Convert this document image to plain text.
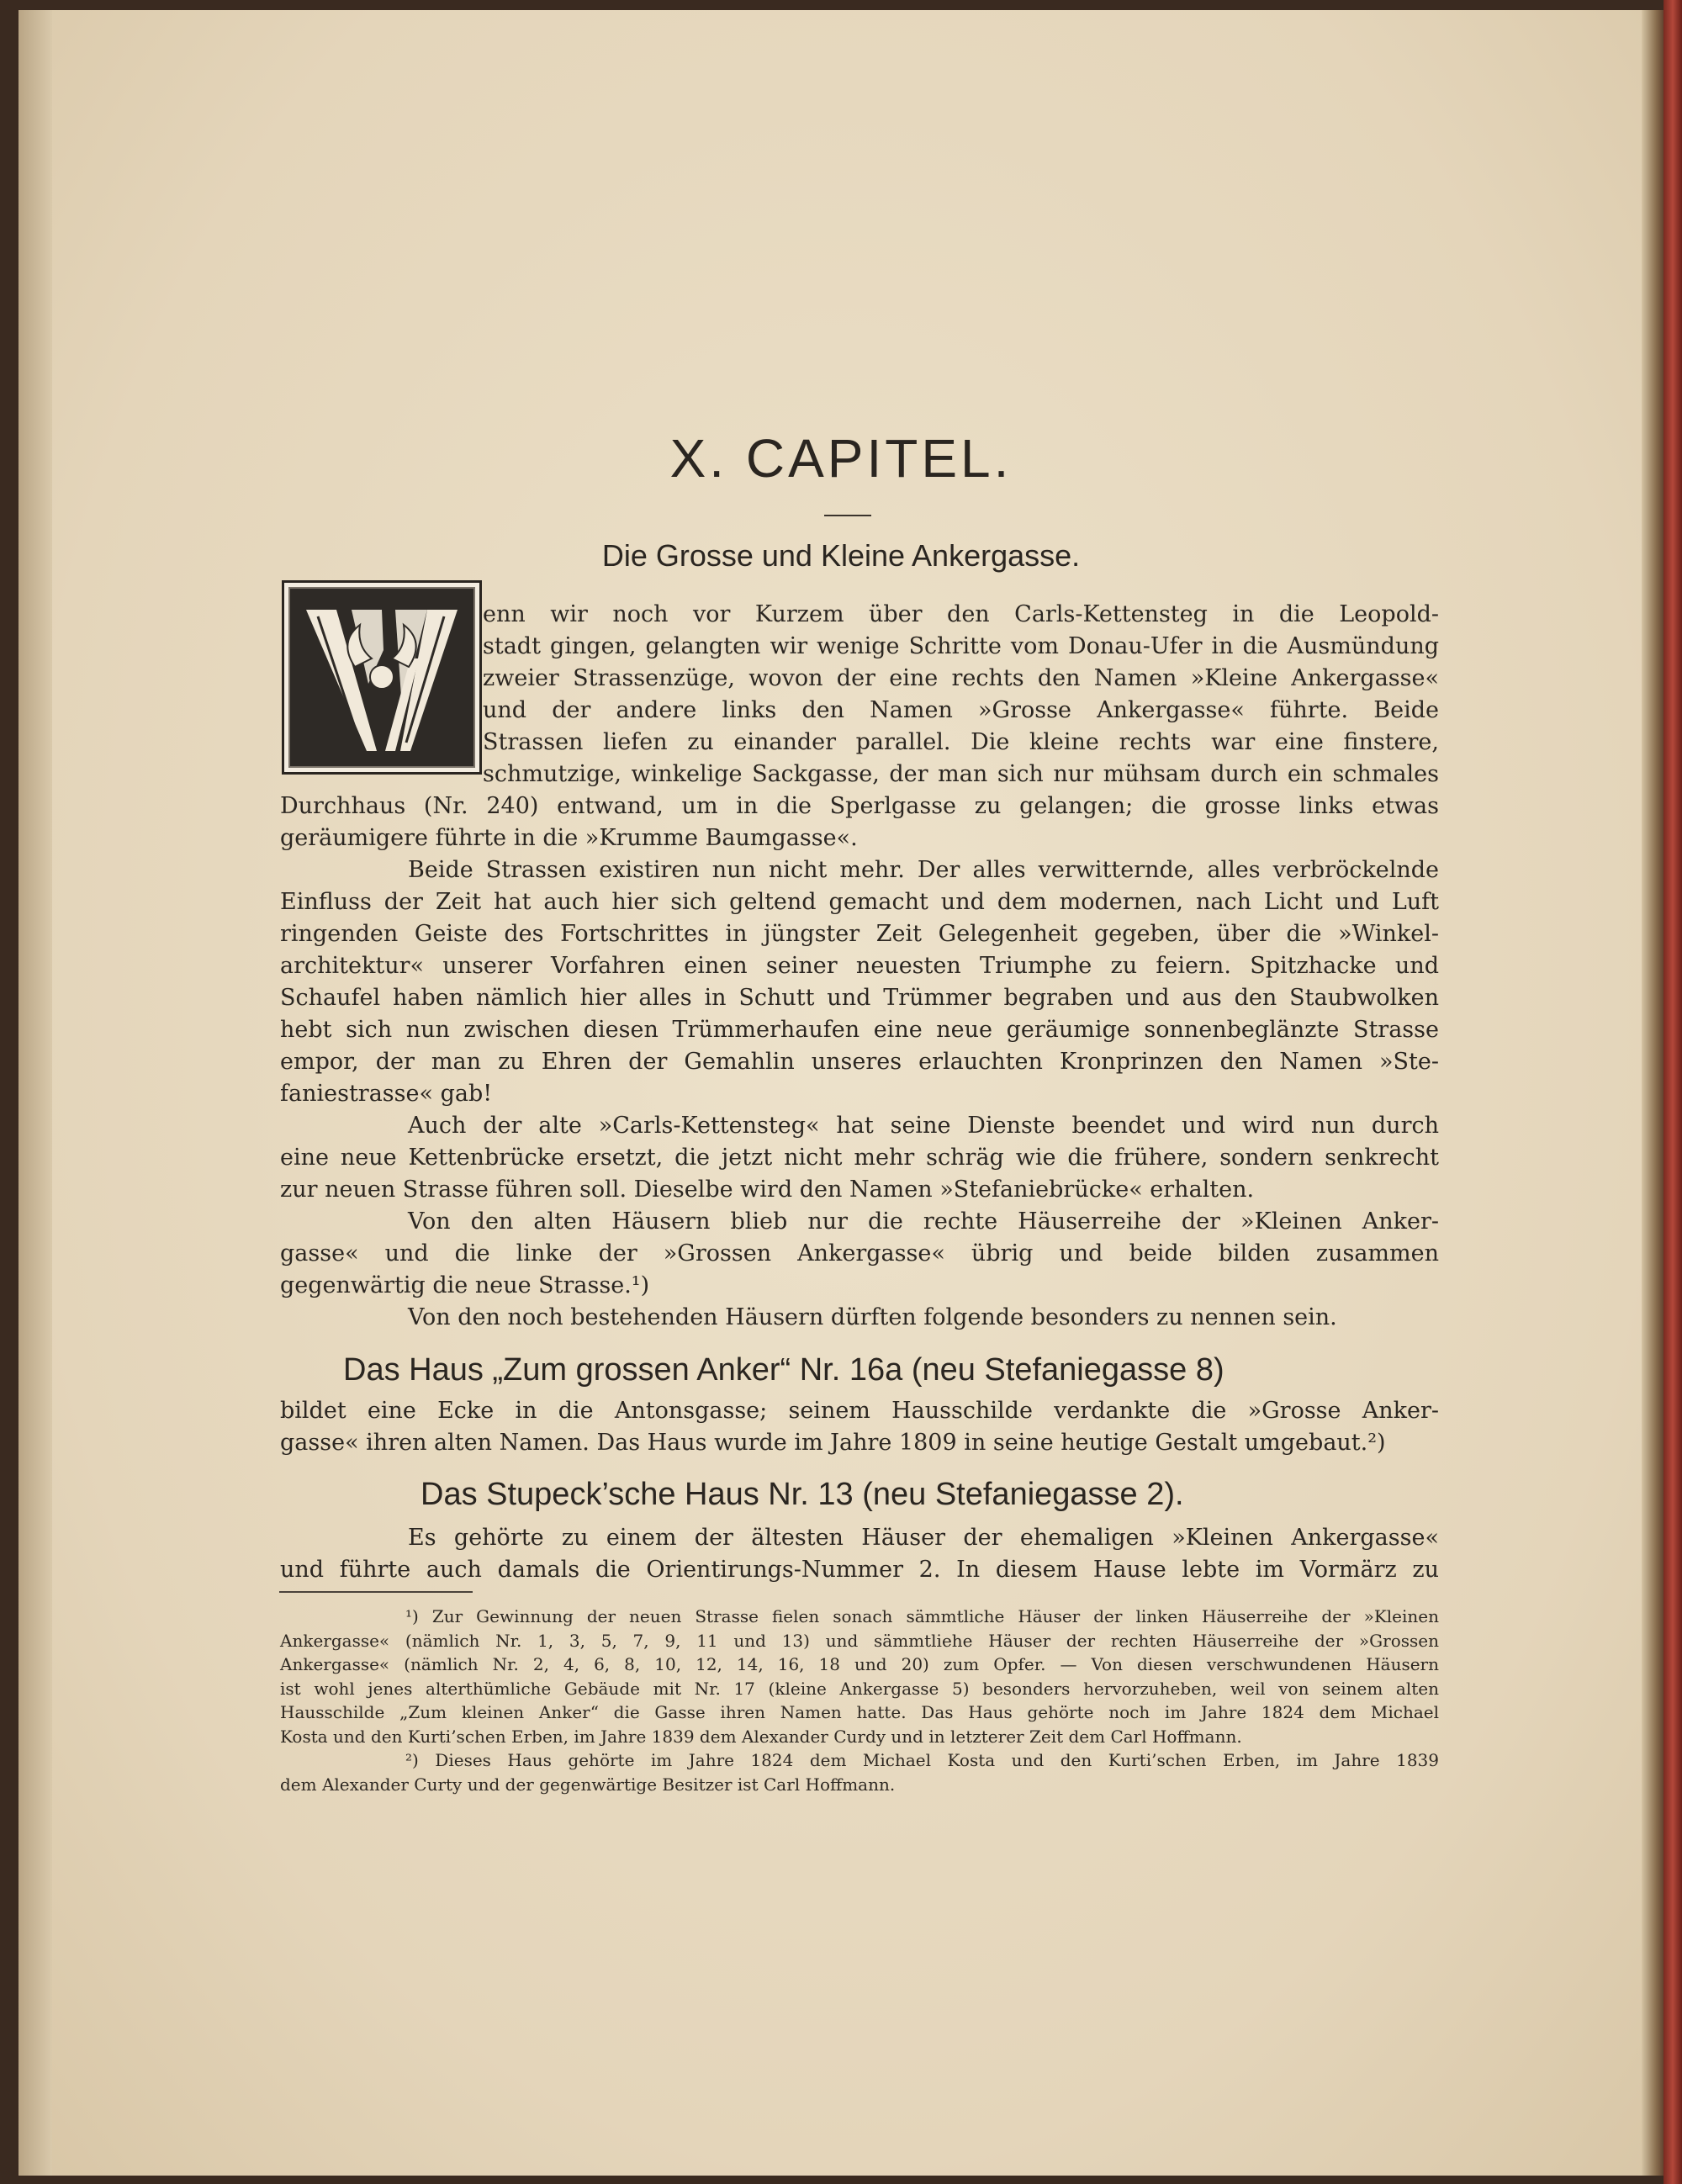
X. CAPITEL.
Die Grosse und Kleine Ankergasse.
enn wir noch vor Kurzem über den Carls-Kettensteg in die Leopold-
stadt gingen, gelangten wir wenige Schritte vom Donau-Ufer in die Ausmündung
zweier Strassenzüge, wovon der eine rechts den Namen »Kleine Ankergasse«
und der andere links den Namen »Grosse Ankergasse« führte. Beide
Strassen liefen zu einander parallel. Die kleine rechts war eine finstere,
schmutzige, winkelige Sackgasse, der man sich nur mühsam durch ein schmales
Durchhaus (Nr. 240) entwand, um in die Sperlgasse zu gelangen; die grosse links etwas
geräumigere führte in die »Krumme Baumgasse«.
Beide Strassen existiren nun nicht mehr. Der alles verwitternde, alles verbröckelnde
Einfluss der Zeit hat auch hier sich geltend gemacht und dem modernen, nach Licht und Luft
ringenden Geiste des Fortschrittes in jüngster Zeit Gelegenheit gegeben, über die »Winkel-
architektur« unserer Vorfahren einen seiner neuesten Triumphe zu feiern. Spitzhacke und
Schaufel haben nämlich hier alles in Schutt und Trümmer begraben und aus den Staubwolken
hebt sich nun zwischen diesen Trümmerhaufen eine neue geräumige sonnenbeglänzte Strasse
empor, der man zu Ehren der Gemahlin unseres erlauchten Kronprinzen den Namen »Ste-
faniestrasse« gab!
Auch der alte »Carls-Kettensteg« hat seine Dienste beendet und wird nun durch
eine neue Kettenbrücke ersetzt, die jetzt nicht mehr schräg wie die frühere, sondern senkrecht
zur neuen Strasse führen soll. Dieselbe wird den Namen »Stefaniebrücke« erhalten.
Von den alten Häusern blieb nur die rechte Häuserreihe der »Kleinen Anker-
gasse« und die linke der »Grossen Ankergasse« übrig und beide bilden zusammen
gegenwärtig die neue Strasse.¹)
Von den noch bestehenden Häusern dürften folgende besonders zu nennen sein.
Das Haus „Zum grossen Anker“ Nr. 16a (neu Stefaniegasse 8)
bildet eine Ecke in die Antonsgasse; seinem Hausschilde verdankte die »Grosse Anker-
gasse« ihren alten Namen. Das Haus wurde im Jahre 1809 in seine heutige Gestalt umgebaut.²)
Das Stupeck’sche Haus Nr. 13 (neu Stefaniegasse 2).
Es gehörte zu einem der ältesten Häuser der ehemaligen »Kleinen Ankergasse«
und führte auch damals die Orientirungs-Nummer 2. In diesem Hause lebte im Vormärz zu
¹) Zur Gewinnung der neuen Strasse fielen sonach sämmtliche Häuser der linken Häuserreihe der »Kleinen
Ankergasse« (nämlich Nr. 1, 3, 5, 7, 9, 11 und 13) und sämmtliehe Häuser der rechten Häuserreihe der »Grossen
Ankergasse« (nämlich Nr. 2, 4, 6, 8, 10, 12, 14, 16, 18 und 20) zum Opfer. — Von diesen verschwundenen Häusern
ist wohl jenes alterthümliche Gebäude mit Nr. 17 (kleine Ankergasse 5) besonders hervorzuheben, weil von seinem alten
Hausschilde „Zum kleinen Anker“ die Gasse ihren Namen hatte. Das Haus gehörte noch im Jahre 1824 dem Michael
Kosta und den Kurti’schen Erben, im Jahre 1839 dem Alexander Curdy und in letzterer Zeit dem Carl Hoffmann.
²) Dieses Haus gehörte im Jahre 1824 dem Michael Kosta und den Kurti’schen Erben, im Jahre 1839
dem Alexander Curty und der gegenwärtige Besitzer ist Carl Hoffmann.
